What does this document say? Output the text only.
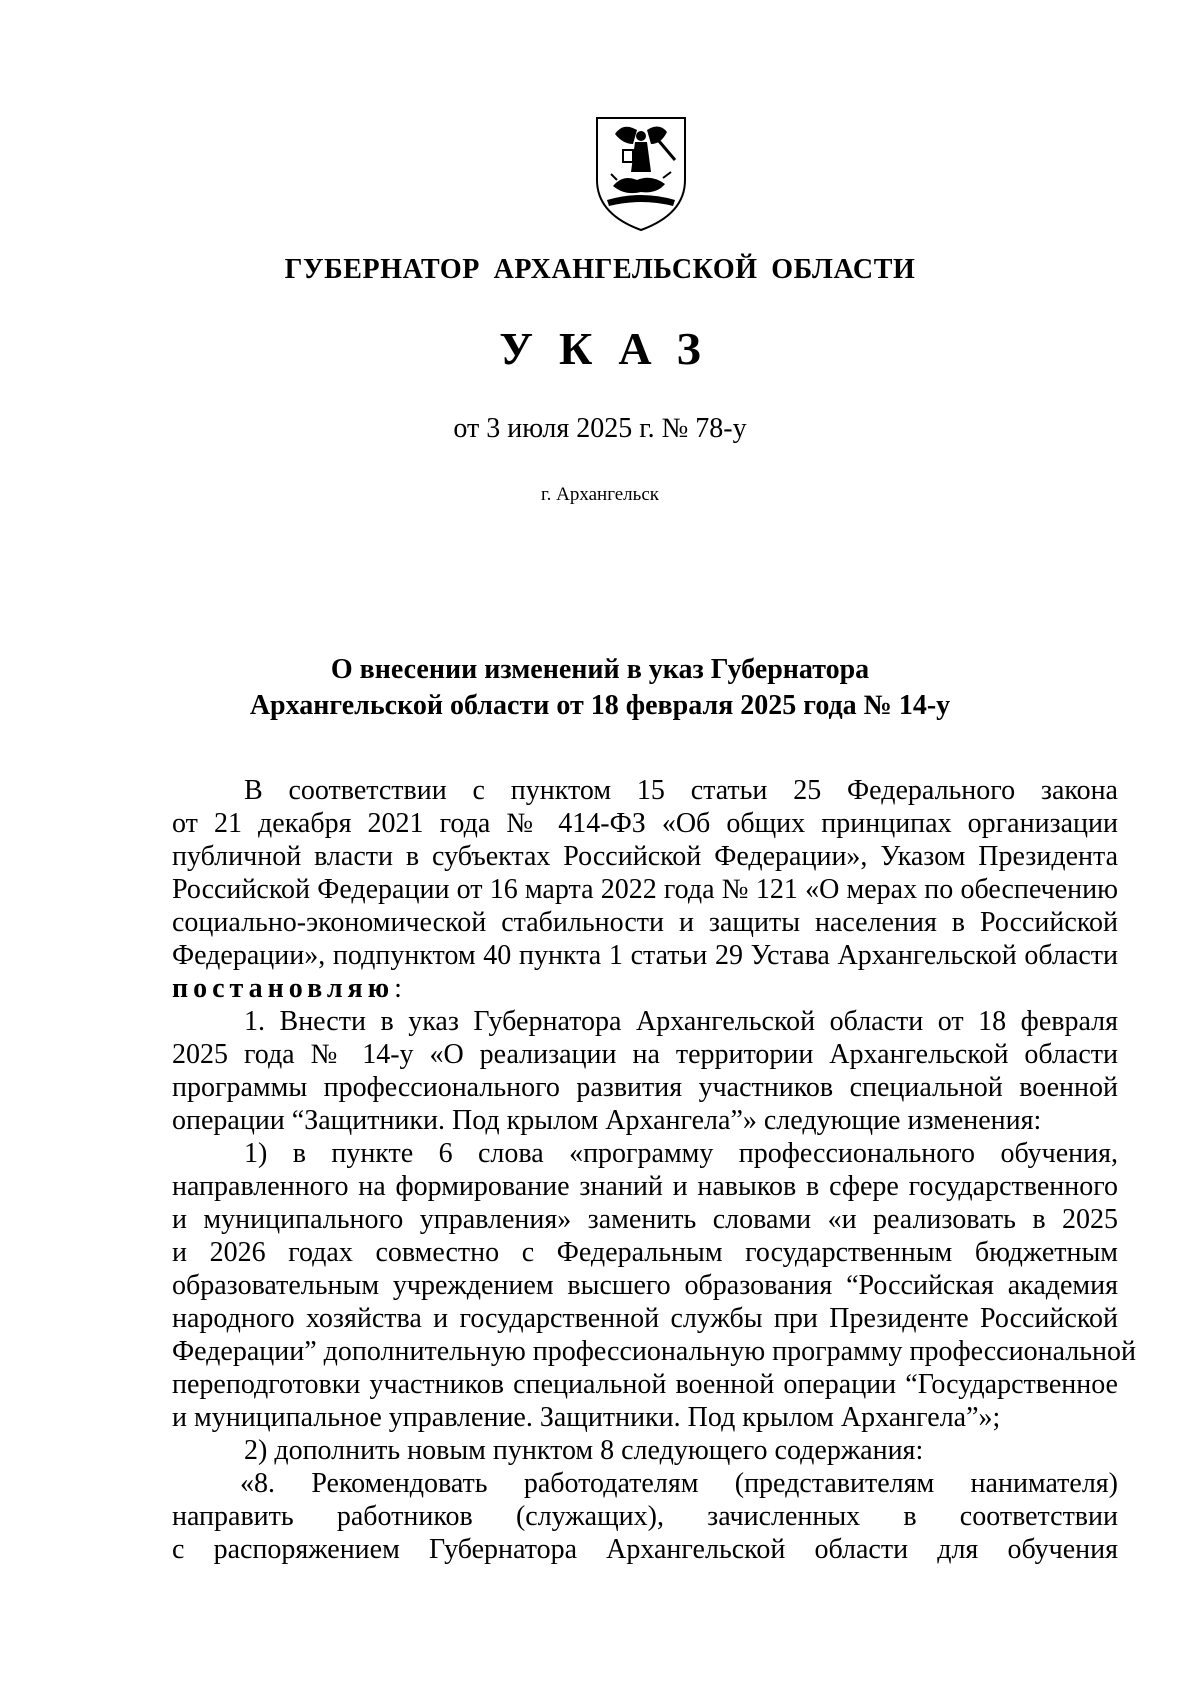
ГУБЕРНАТОР АРХАНГЕЛЬСКОЙ ОБЛАСТИ
УКАЗ
от 3 июля 2025 г. № 78-у
г. Архангельск
О внесении изменений в указ Губернатора
Архангельской области от 18 февраля 2025 года № 14-у
В соответствии с пунктом 15 статьи 25 Федерального закона
от 21 декабря 2021 года № 414-ФЗ «Об общих принципах организации
публичной власти в субъектах Российской Федерации», Указом Президента
Российской Федерации от 16 марта 2022 года № 121 «О мерах по обеспечению
социально-экономической стабильности и защиты населения в Российской
Федерации», подпунктом 40 пункта 1 статьи 29 Устава Архангельской области
постановляю:
1. Внести в указ Губернатора Архангельской области от 18 февраля
2025 года № 14-у «О реализации на территории Архангельской области
программы профессионального развития участников специальной военной
операции “Защитники. Под крылом Архангела”» следующие изменения:
1) в пункте 6 слова «программу профессионального обучения,
направленного на формирование знаний и навыков в сфере государственного
и муниципального управления» заменить словами «и реализовать в 2025
и 2026 годах совместно с Федеральным государственным бюджетным
образовательным учреждением высшего образования “Российская академия
народного хозяйства и государственной службы при Президенте Российской
Федерации” дополнительную профессиональную программу профессиональной
переподготовки участников специальной военной операции “Государственное
и муниципальное управление. Защитники. Под крылом Архангела”»;
2) дополнить новым пунктом 8 следующего содержания:
«8. Рекомендовать работодателям (представителям нанимателя)
направить работников (служащих), зачисленных в соответствии
с распоряжением Губернатора Архангельской области для обучения
